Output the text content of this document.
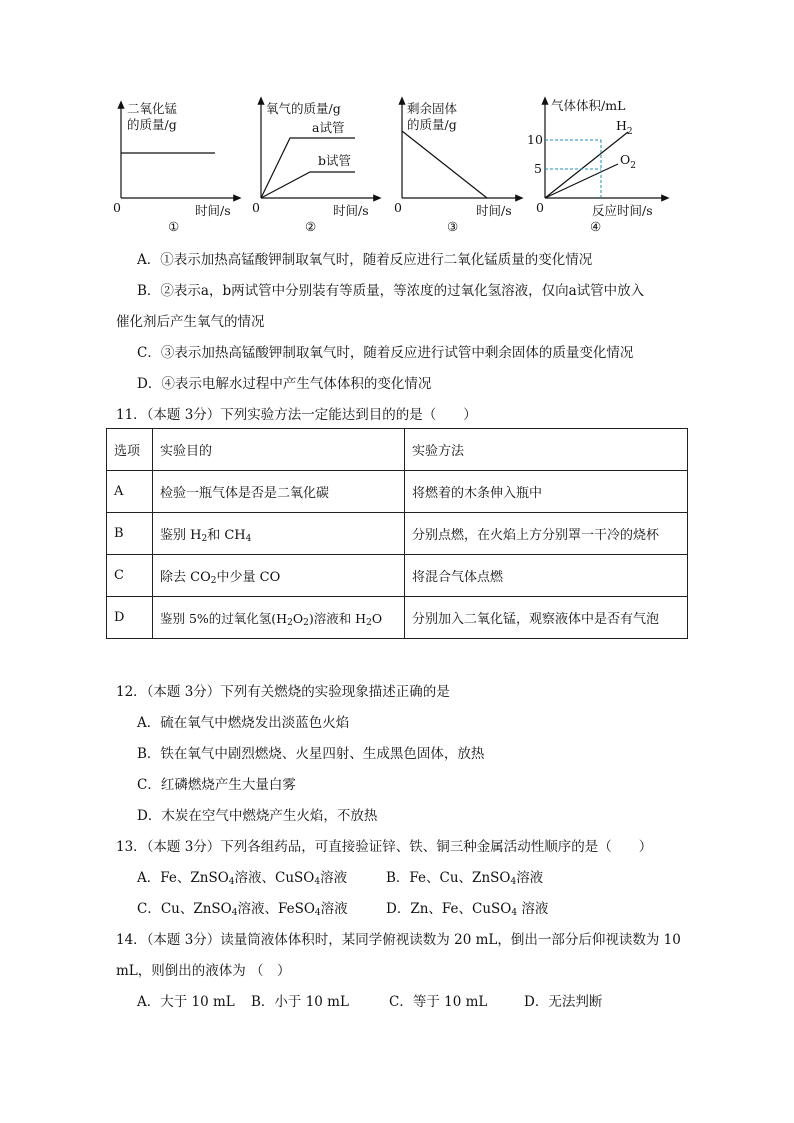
二氧化锰
的质量/g
0	时间/s
①
氧气的质量/g
a试管
b试管
0	时间/s
②
剩余固体
的质量/g
0	时间/s
③
气体体积/mL
10
5
$H_2$
$O_2$
0	反应时间/s
④
A．①表示加热高锰酸钾制取氧气时，随着反应进行二氧化锰质量的变化情况
B．②表示a，b两试管中分别装有等质量，等浓度的过氧化氢溶液，仅向a试管中放入
催化剂后产生氧气的情况
C．③表示加热高锰酸钾制取氧气时，随着反应进行试管中剩余固体的质量变化情况
D．④表示电解水过程中产生气体体积的变化情况
11．（本题 3分）下列实验方法一定能达到目的的是（　　）
选项	实验目的	实验方法
A	检验一瓶气体是否是二氧化碳	将燃着的木条伸入瓶中
B	鉴别 $H_2$和 $CH_4$	分别点燃，在火焰上方分别罩一干冷的烧杯
C	除去 $CO_2$中少量 CO	将混合气体点燃
D	鉴别 5%的过氧化氢$(H_2O_2)$溶液和 $H_2O$	分别加入二氧化锰，观察液体中是否有气泡
12．（本题 3分）下列有关燃烧的实验现象描述正确的是
A．硫在氧气中燃烧发出淡蓝色火焰
B．铁在氧气中剧烈燃烧、火星四射、生成黑色固体，放热
C．红磷燃烧产生大量白雾
D．木炭在空气中燃烧产生火焰，不放热
13．（本题 3分）下列各组药品，可直接验证锌、铁、铜三种金属活动性顺序的是（　　）
A．Fe、ZnSO$_4$溶液、CuSO$_4$溶液	B．Fe、Cu、ZnSO$_4$溶液
C．Cu、ZnSO$_4$溶液、FeSO$_4$溶液	D．Zn、Fe、CuSO$_4$ 溶液
14．（本题 3分）读量筒液体体积时，某同学俯视读数为 20 mL，倒出一部分后仰视读数为 10
mL，则倒出的液体为 （　）
A．大于 10 mL B．小于 10 mL	C．等于 10 mL	D．无法判断
